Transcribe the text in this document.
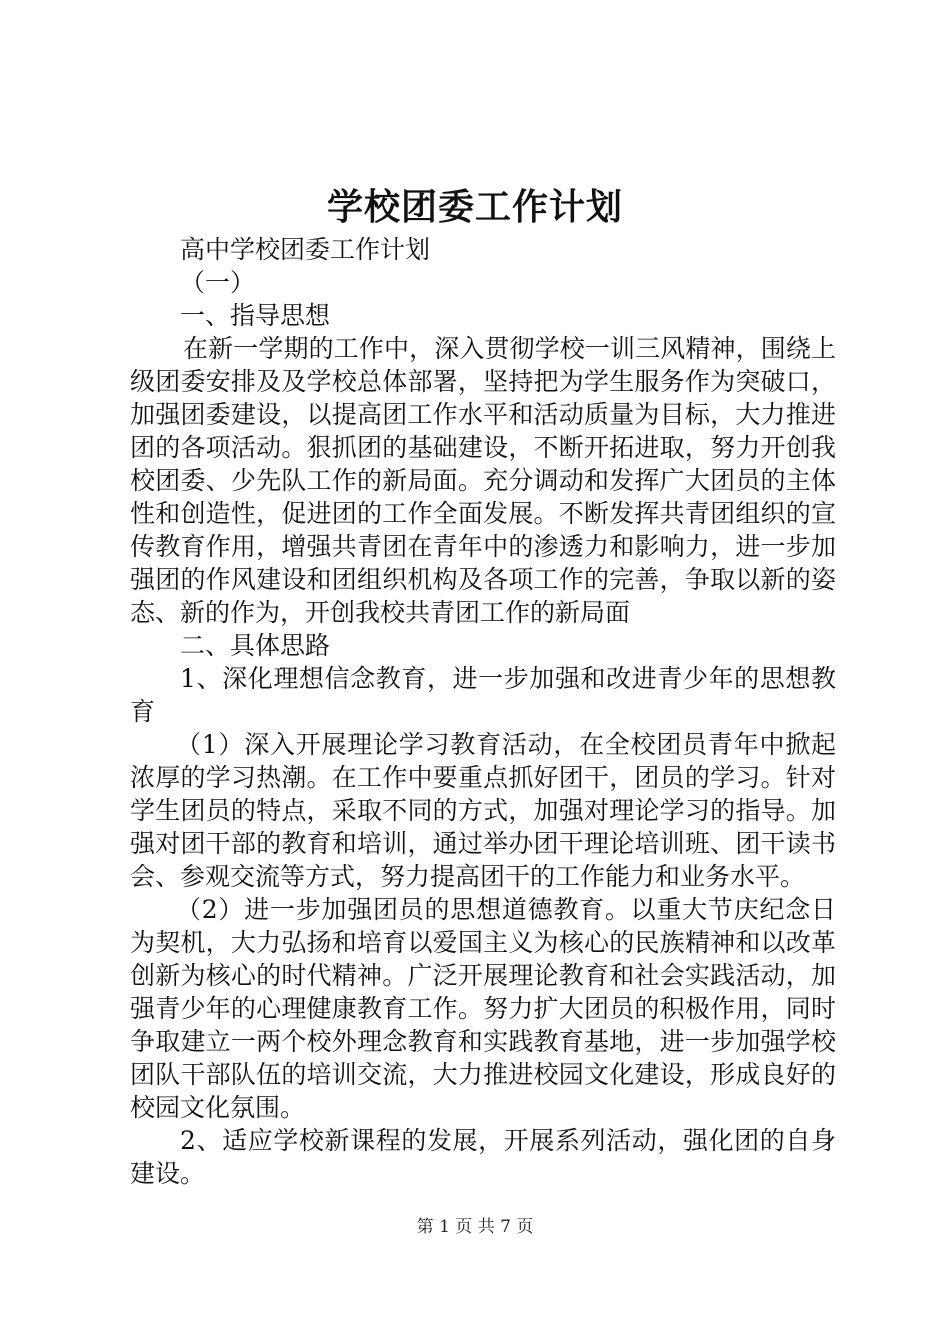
学校团委工作计划

高中学校团委工作计划

（一）

一、指导思想

在新一学期的工作中，深入贯彻学校一训三风精神，围绕上级团委安排及及学校总体部署，坚持把为学生服务作为突破口，加强团委建设，以提高团工作水平和活动质量为目标，大力推进团的各项活动。狠抓团的基础建设，不断开拓进取，努力开创我校团委、少先队工作的新局面。充分调动和发挥广大团员的主体性和创造性，促进团的工作全面发展。不断发挥共青团组织的宣传教育作用，增强共青团在青年中的渗透力和影响力，进一步加强团的作风建设和团组织机构及各项工作的完善，争取以新的姿态、新的作为，开创我校共青团工作的新局面

二、具体思路

1、深化理想信念教育，进一步加强和改进青少年的思想教育

（1）深入开展理论学习教育活动，在全校团员青年中掀起浓厚的学习热潮。在工作中要重点抓好团干，团员的学习。针对学生团员的特点，采取不同的方式，加强对理论学习的指导。加强对团干部的教育和培训，通过举办团干理论培训班、团干读书会、参观交流等方式，努力提高团干的工作能力和业务水平。

（2）进一步加强团员的思想道德教育。以重大节庆纪念日为契机，大力弘扬和培育以爱国主义为核心的民族精神和以改革创新为核心的时代精神。广泛开展理论教育和社会实践活动，加强青少年的心理健康教育工作。努力扩大团员的积极作用，同时争取建立一两个校外理念教育和实践教育基地，进一步加强学校团队干部队伍的培训交流，大力推进校园文化建设，形成良好的校园文化氛围。

2、适应学校新课程的发展，开展系列活动，强化团的自身建设。

第 1 页 共 7 页
